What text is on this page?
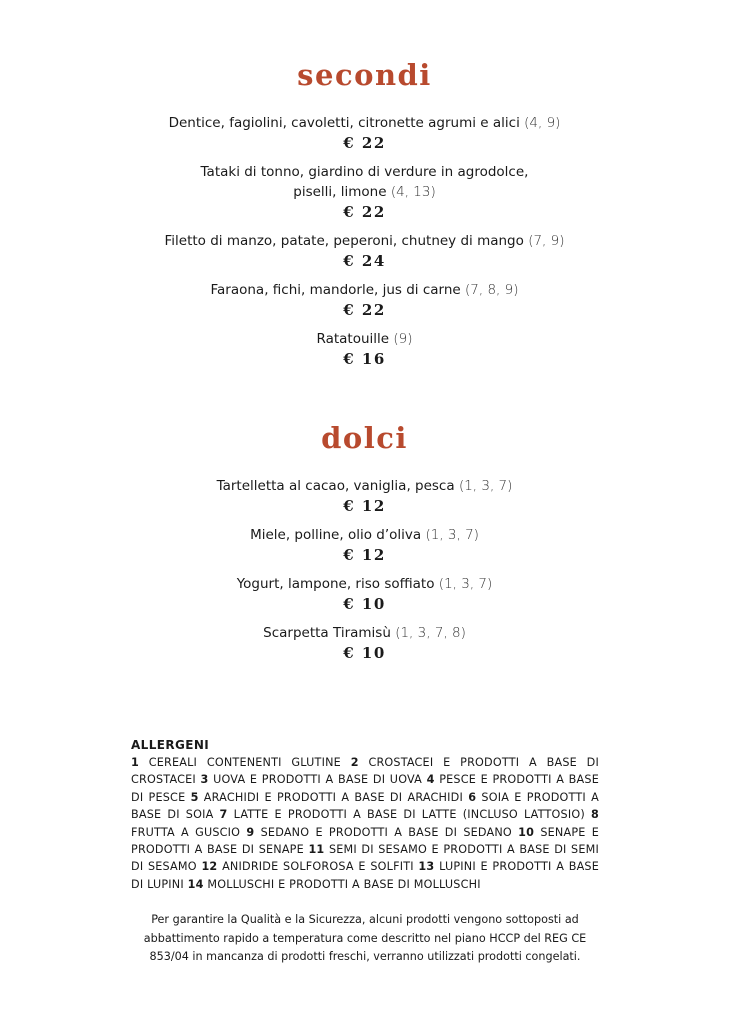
secondi
Dentice, fagiolini, cavoletti, citronette agrumi e alici (4, 9)
€ 22
Tataki di tonno, giardino di verdure in agrodolce,
piselli, limone (4, 13)
€ 22
Filetto di manzo, patate, peperoni, chutney di mango (7, 9)
€ 24
Faraona, fichi, mandorle, jus di carne (7, 8, 9)
€ 22
Ratatouille (9)
€ 16
dolci
Tartelletta al cacao, vaniglia, pesca (1, 3, 7)
€ 12
Miele, polline, olio d’oliva (1, 3, 7)
€ 12
Yogurt, lampone, riso soffiato (1, 3, 7)
€ 10
Scarpetta Tiramisù (1, 3, 7, 8)
€ 10
ALLERGENI
1 CEREALI CONTENENTI GLUTINE 2 CROSTACEI E PRODOTTI A BASE DI CROSTACEI 3 UOVA E PRODOTTI A BASE DI UOVA 4 PESCE E PRODOTTI A BASE DI PESCE 5 ARACHIDI E PRODOTTI A BASE DI ARACHIDI 6 SOIA E PRODOTTI A BASE DI SOIA 7 LATTE E PRODOTTI A BASE DI LATTE (INCLUSO LATTOSIO) 8 FRUTTA A GUSCIO 9 SEDANO E PRODOTTI A BASE DI SEDANO 10 SENAPE E PRODOTTI A BASE DI SENAPE 11 SEMI DI SESAMO E PRODOTTI A BASE DI SEMI DI SESAMO 12 ANIDRIDE SOLFOROSA E SOLFITI 13 LUPINI E PRODOTTI A BASE DI LUPINI 14 MOLLUSCHI E PRODOTTI A BASE DI MOLLUSCHI
Per garantire la Qualità e la Sicurezza, alcuni prodotti vengono sottoposti ad
abbattimento rapido a temperatura come descritto nel piano HCCP del REG CE
853/04 in mancanza di prodotti freschi, verranno utilizzati prodotti congelati.
